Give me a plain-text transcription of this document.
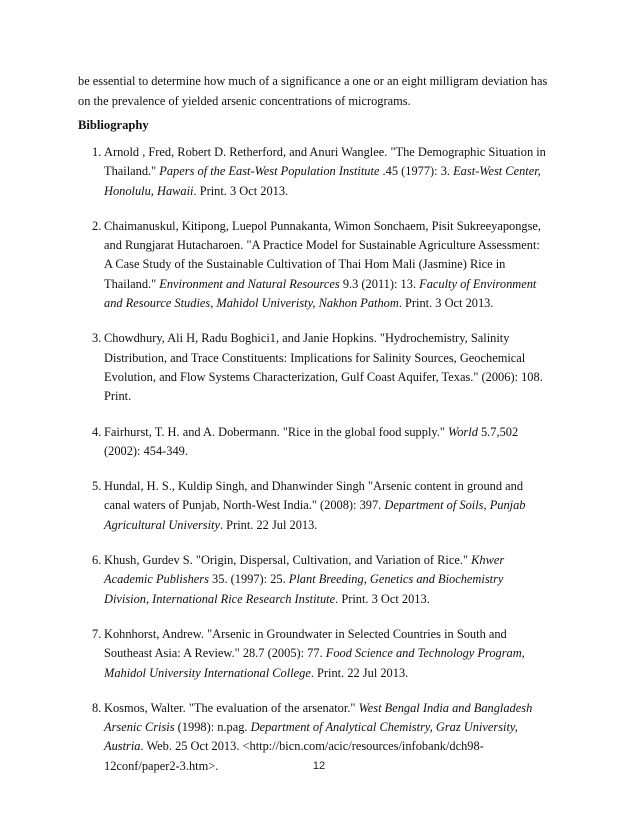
be essential to determine how much of a significance a one or an eight milligram deviation has
on the prevalence of yielded arsenic concentrations of micrograms.
Bibliography
1. Arnold , Fred, Robert D. Retherford, and Anuri Wanglee. "The Demographic Situation in
Thailand." Papers of the East-West Population Institute .45 (1977): 3. East-West Center,
Honolulu, Hawaii. Print. 3 Oct 2013.
2. Chaimanuskul, Kitipong, Luepol Punnakanta, Wimon Sonchaem, Pisit Sukreeyapongse,
and Rungjarat Hutacharoen. "A Practice Model for Sustainable Agriculture Assessment:
A Case Study of the Sustainable Cultivation of Thai Hom Mali (Jasmine) Rice in
Thailand." Environment and Natural Resources 9.3 (2011): 13. Faculty of Environment
and Resource Studies, Mahidol Univeristy, Nakhon Pathom. Print. 3 Oct 2013.
3. Chowdhury, Ali H, Radu Boghici1, and Janie Hopkins. "Hydrochemistry, Salinity
Distribution, and Trace Constituents: Implications for Salinity Sources, Geochemical
Evolution, and Flow Systems Characterization, Gulf Coast Aquifer, Texas." (2006): 108.
Print.
4. Fairhurst, T. H. and A. Dobermann. "Rice in the global food supply." World 5.7,502
(2002): 454-349.
5. Hundal, H. S., Kuldip Singh, and Dhanwinder Singh "Arsenic content in ground and
canal waters of Punjab, North-West India." (2008): 397. Department of Soils, Punjab
Agricultural University. Print. 22 Jul 2013.
6. Khush, Gurdev S. "Origin, Dispersal, Cultivation, and Variation of Rice." Khwer
Academic Publishers 35. (1997): 25. Plant Breeding, Genetics and Biochemistry
Division, International Rice Research Institute. Print. 3 Oct 2013.
7. Kohnhorst, Andrew. "Arsenic in Groundwater in Selected Countries in South and
Southeast Asia: A Review." 28.7 (2005): 77. Food Science and Technology Program,
Mahidol University International College. Print. 22 Jul 2013.
8. Kosmos, Walter. "The evaluation of the arsenator." West Bengal India and Bangladesh
Arsenic Crisis (1998): n.pag. Department of Analytical Chemistry, Graz University,
Austria. Web. 25 Oct 2013. <http://bicn.com/acic/resources/infobank/dch98-
12conf/paper2-3.htm>.	12
